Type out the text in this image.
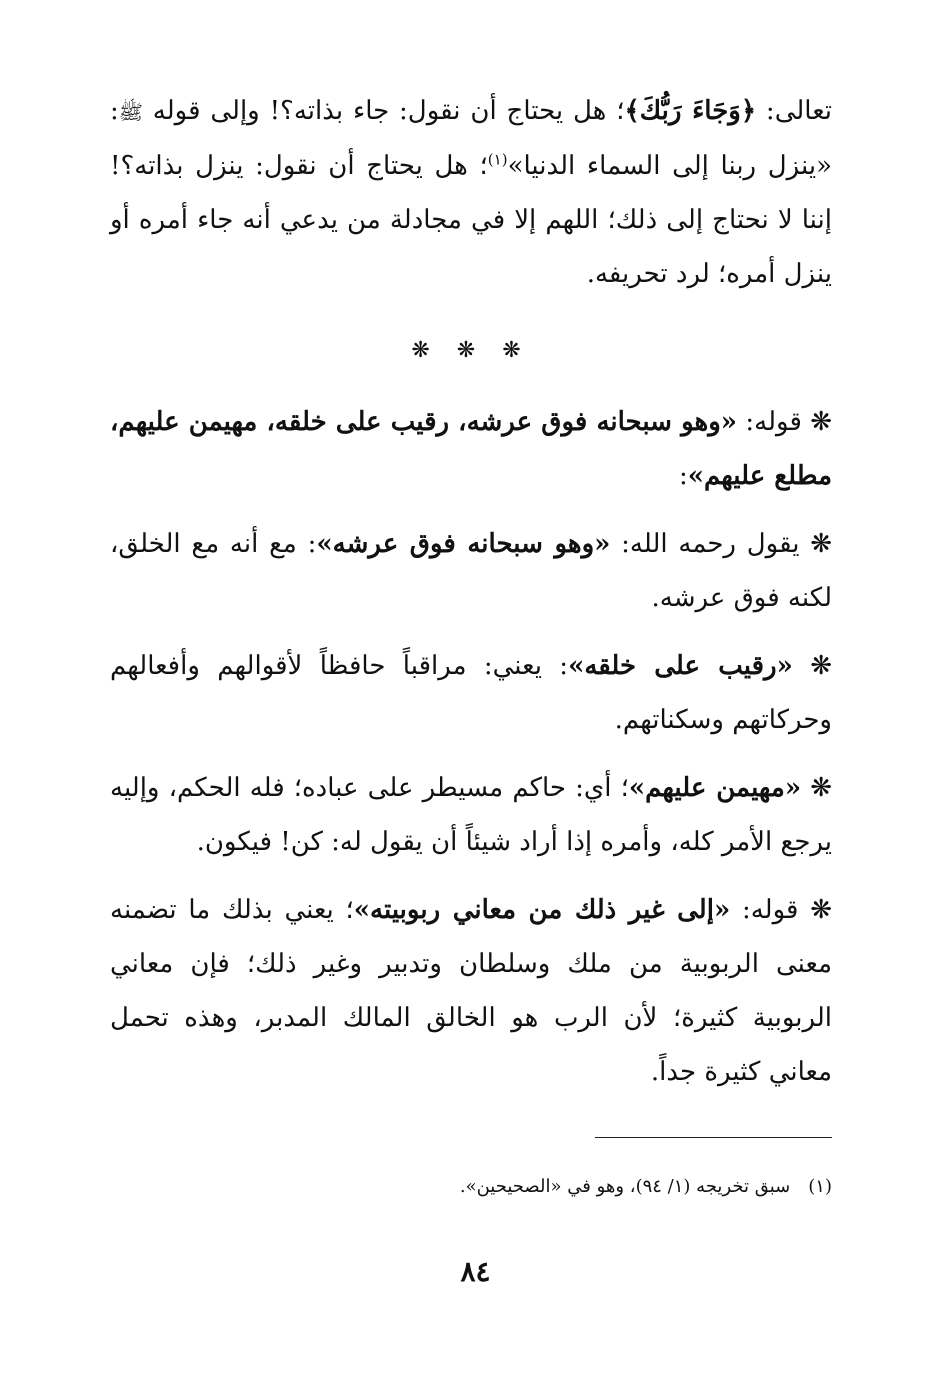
تعالى: ﴿وَجَاءَ رَبُّكَ﴾؛ هل يحتاج أن نقول: جاء بذاته؟! وإلى قوله ﷺ: «ينزل ربنا إلى السماء الدنيا»$^{(١)}$؛ هل يحتاج أن نقول: ينزل بذاته؟! إننا لا نحتاج إلى ذلك؛ اللهم إلا في مجادلة من يدعي أنه جاء أمره أو ينزل أمره؛ لرد تحريفه.

❋ ❋ ❋

❋ قوله: «وهو سبحانه فوق عرشه، رقيب على خلقه، مهيمن عليهم، مطلع عليهم»:

❋ يقول رحمه الله: «وهو سبحانه فوق عرشه»: مع أنه مع الخلق، لكنه فوق عرشه.

❋ «رقيب على خلقه»: يعني: مراقباً حافظاً لأقوالهم وأفعالهم وحركاتهم وسكناتهم.

❋ «مهيمن عليهم»؛ أي: حاكم مسيطر على عباده؛ فله الحكم، وإليه يرجع الأمر كله، وأمره إذا أراد شيئاً أن يقول له: كن! فيكون.

❋ قوله: «إلى غير ذلك من معاني ربوبيته»؛ يعني بذلك ما تضمنه معنى الربوبية من ملك وسلطان وتدبير وغير ذلك؛ فإن معاني الربوبية كثيرة؛ لأن الرب هو الخالق المالك المدبر، وهذه تحمل معاني كثيرة جداً.

(١)سبق تخريجه (١/ ٩٤)، وهو في «الصحيحين».
٨٤
